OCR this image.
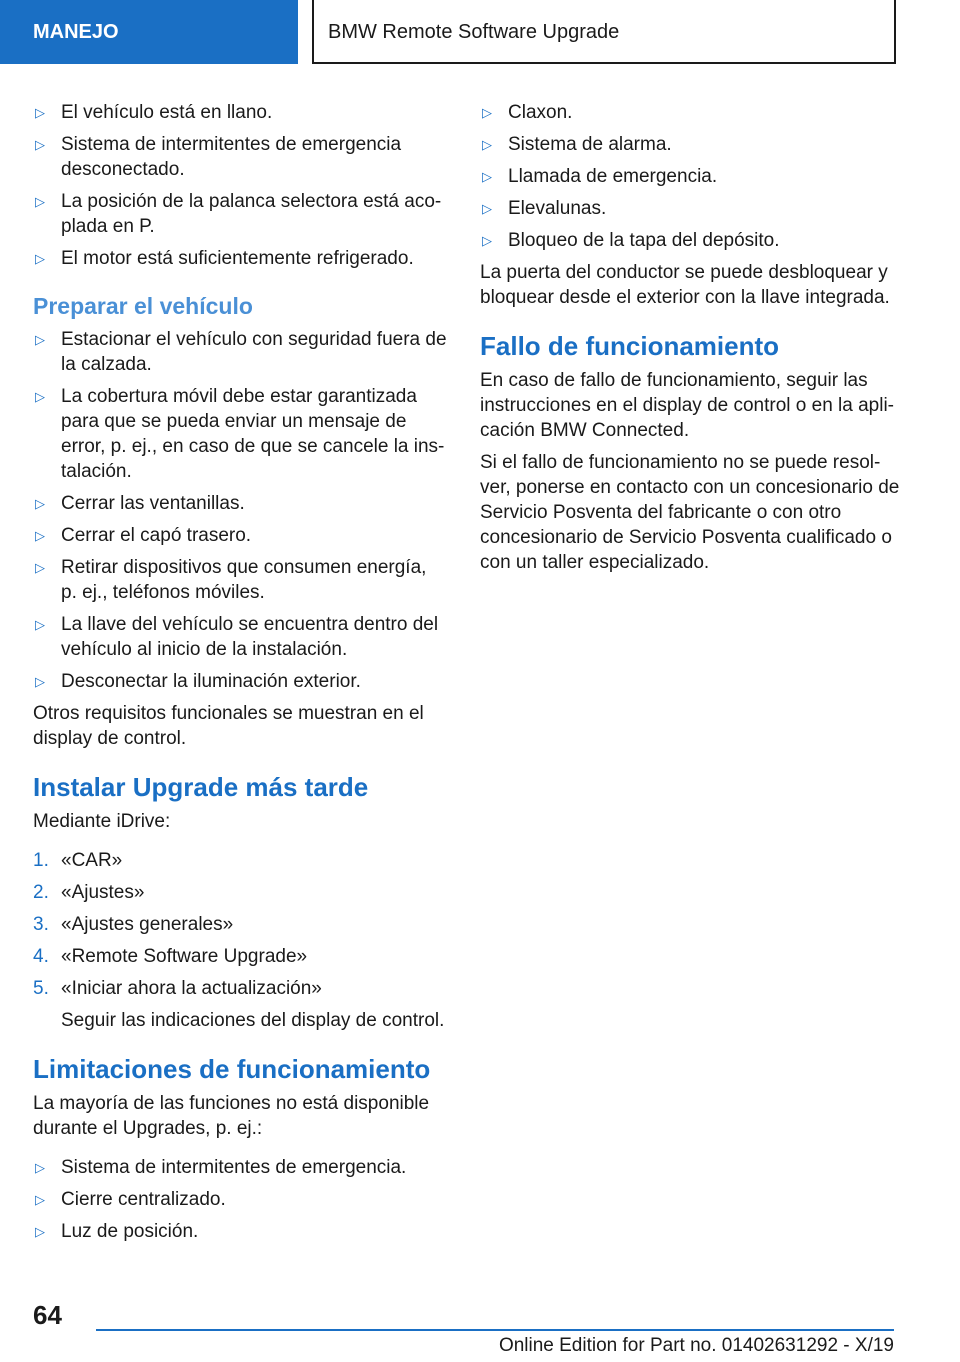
MANEJO	BMW Remote Software Upgrade
▷ El vehículo está en llano.
▷ Sistema de intermitentes de emergencia desconectado.
▷ La posición de la palanca selectora está aco‐ plada en P.
▷ El motor está suficientemente refrigerado.
Preparar el vehículo
▷ Estacionar el vehículo con seguridad fuera de la calzada.
▷ La cobertura móvil debe estar garantizada para que se pueda enviar un mensaje de error, p. ej., en caso de que se cancele la ins‐ talación.
▷ Cerrar las ventanillas.
▷ Cerrar el capó trasero.
▷ Retirar dispositivos que consumen energía, p. ej., teléfonos móviles.
▷ La llave del vehículo se encuentra dentro del vehículo al inicio de la instalación.
▷ Desconectar la iluminación exterior.

Otros requisitos funcionales se muestran en el display de control.

Instalar Upgrade más tarde

Mediante iDrive:

1. «CAR»
2. «Ajustes»
3. «Ajustes generales»
4. «Remote Software Upgrade»
5. «Iniciar ahora la actualización»

Seguir las indicaciones del display de control.

Limitaciones de funcionamiento

La mayoría de las funciones no está disponible durante el Upgrades, p. ej.:

▷ Sistema de intermitentes de emergencia.
▷ Cierre centralizado.
▷ Luz de posición.
▷ Claxon.
▷ Sistema de alarma.
▷ Llamada de emergencia.
▷ Elevalunas.
▷ Bloqueo de la tapa del depósito.

La puerta del conductor se puede desbloquear y bloquear desde el exterior con la llave integrada.

Fallo de funcionamiento

En caso de fallo de funcionamiento, seguir las instrucciones en el display de control o en la apli‐ cación BMW Connected.

Si el fallo de funcionamiento no se puede resol‐ ver, ponerse en contacto con un concesionario de Servicio Posventa del fabricante o con otro concesionario de Servicio Posventa cualificado o con un taller especializado.

64
Online Edition for Part no. 01402631292 - X/19
